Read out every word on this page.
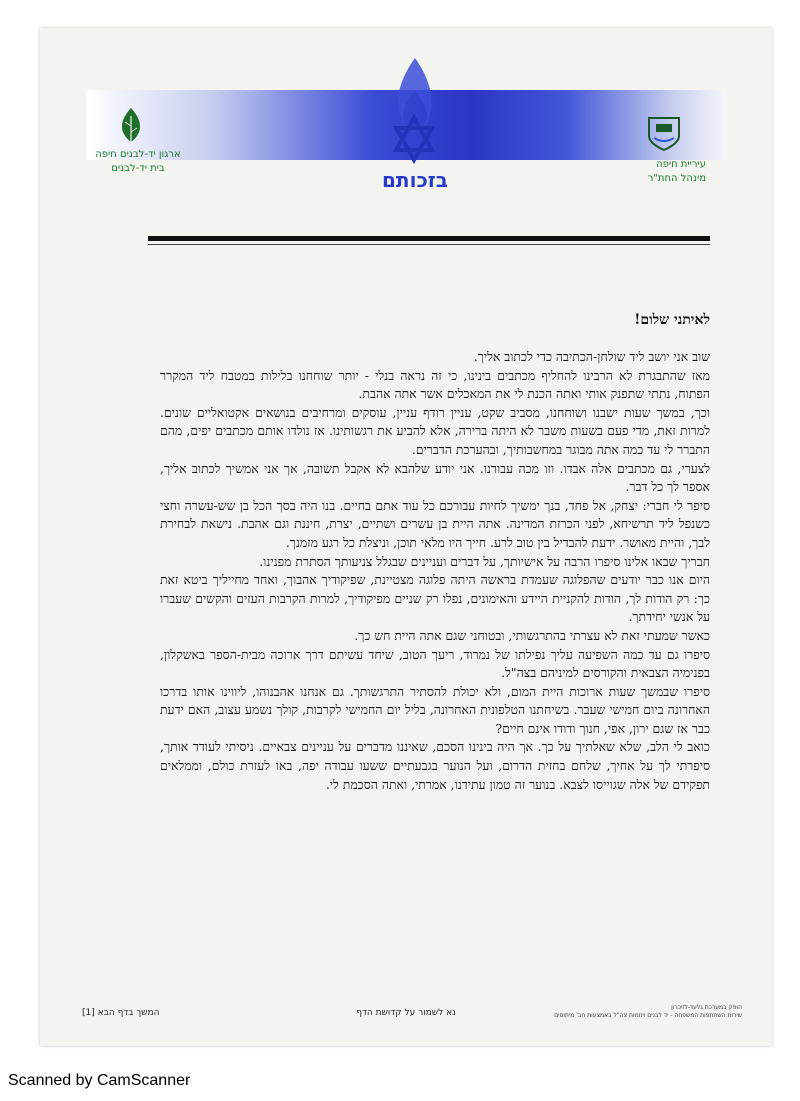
ארגון יד-לבנים חיפה
בית יד-לבנים	עיריית חיפה
מינהל החת"ר
בזכותם
לאיתני שלום!

שוב אני יושב ליד שולחן-הכתיבה כדי לכתוב אליך.

מאז שהתבגרת לא הרבינו להחליף מכתבים בינינו, כי זה נראה בנלי - יותר שוחחנו בלילות במטבח ליד המקרר הפתוח, נתתי שתפנק אותי ואתה הכנת לי את המאכלים אשר אתה אהבת.

וכך, במשך שעות ישבנו ושוחחנו, מסביב שקט, עניין רודף עניין, עוסקים ומרחיבים בנושאים אקטואליים שונים. למרות זאת, מדי פעם בשעות משבר לא היתה ברירה, אלא להביע את רגשותינו. אז נולדו אותם מכתבים יפים, מהם התברר לי עד כמה אתה מבוגר במחשבותיך, ובהערכת הדברים.

לצערי, גם מכתבים אלה אבדו. וזו מכה עבורנו. אני יודע שלהבא לא אקבל תשובה, אך אני אמשיך לכתוב אליך, אספר לך כל דבר.

סיפר לי חברי: יצחק, אל פחד, בנך ימשיך לחיות עבורכם כל עוד אתם בחיים. בנו היה בסך הכל בן שש-עשרה וחצי כשנפל ליד תרשיחא, לפני הכרזת המדינה. אתה היית בן עשרים ושתיים, יצרת, חיננת וגם אהבת. נישאת לבחירת לבך, והיית מאושר. ידעת להבדיל בין טוב לרע. חייך היו מלאי תוכן, וניצלת כל רגע מזמנך.

חבריך שבאו אלינו סיפרו הרבה על אישיותך, על דברים ועניינים שבגלל צניעותך הסתרת מפנינו.

היום אנו כבר יודעים שהפלוגה שעמדת בראשה היתה פלוגה מצטיינת, שפיקודיך אהבוך, ואחד מחייליך ביטא זאת כך: רק הודות לך, הודות להקניית היידע והאימונים, נפלו רק שניים מפיקודיך, למרות הקרבות העזים והקשים שעברו על אנשי יחידתך.

כאשר שמעתי זאת לא עצרתי בהתרגשותי, ובטוחני שגם אתה היית חש כך.

סיפרו גם עד כמה השפיעה עליך נפילתו של נמרוד, ריעך הטוב, שיחד עשיתם דרך ארוכה מבית-הספר באשקלון, בפנימיה הצבאית והקורסים למיניהם בצה"ל.

סיפרו שבמשך שעות ארוכות היית המום, ולא יכולת להסתיר התרגשותך. גם אנחנו אהבנוהו, ליווינו אותו בדרכו האחרונה ביום חמישי שעבר. בשיחתנו הטלפונית האחרונה, בליל יום החמישי לקרבות, קולך נשמע עצוב, האם ידעת כבר אז שגם ירון, אפי, חנוך ודודו אינם חיים?

כואב לי הלב, שלא שאלתיך על כך. אך היה בינינו הסכם, שאיננו מדברים על עניינים צבאיים. ניסיתי לעודד אותך, סיפרתי לך על אחיך, שלחם בחזית הדרום, ועל הנוער בגבעתיים ששעו עבודה יפה, באו לעזרת כולם, וממלאים תפקידם של אלה שגוייסו לצבא. בנוער זה טמון עתידנו, אמרתי, ואתה הסכמת לי.

המשך בדף הבא [1]	נא לשמור על קדושת הדף
הופק במערכת גלעד-לזיכרון
שירות השתתפות המשפחה - יד לבנים ויוזמות צה"ל באמצעות חב' מיתוסים
Scanned by CamScanner
